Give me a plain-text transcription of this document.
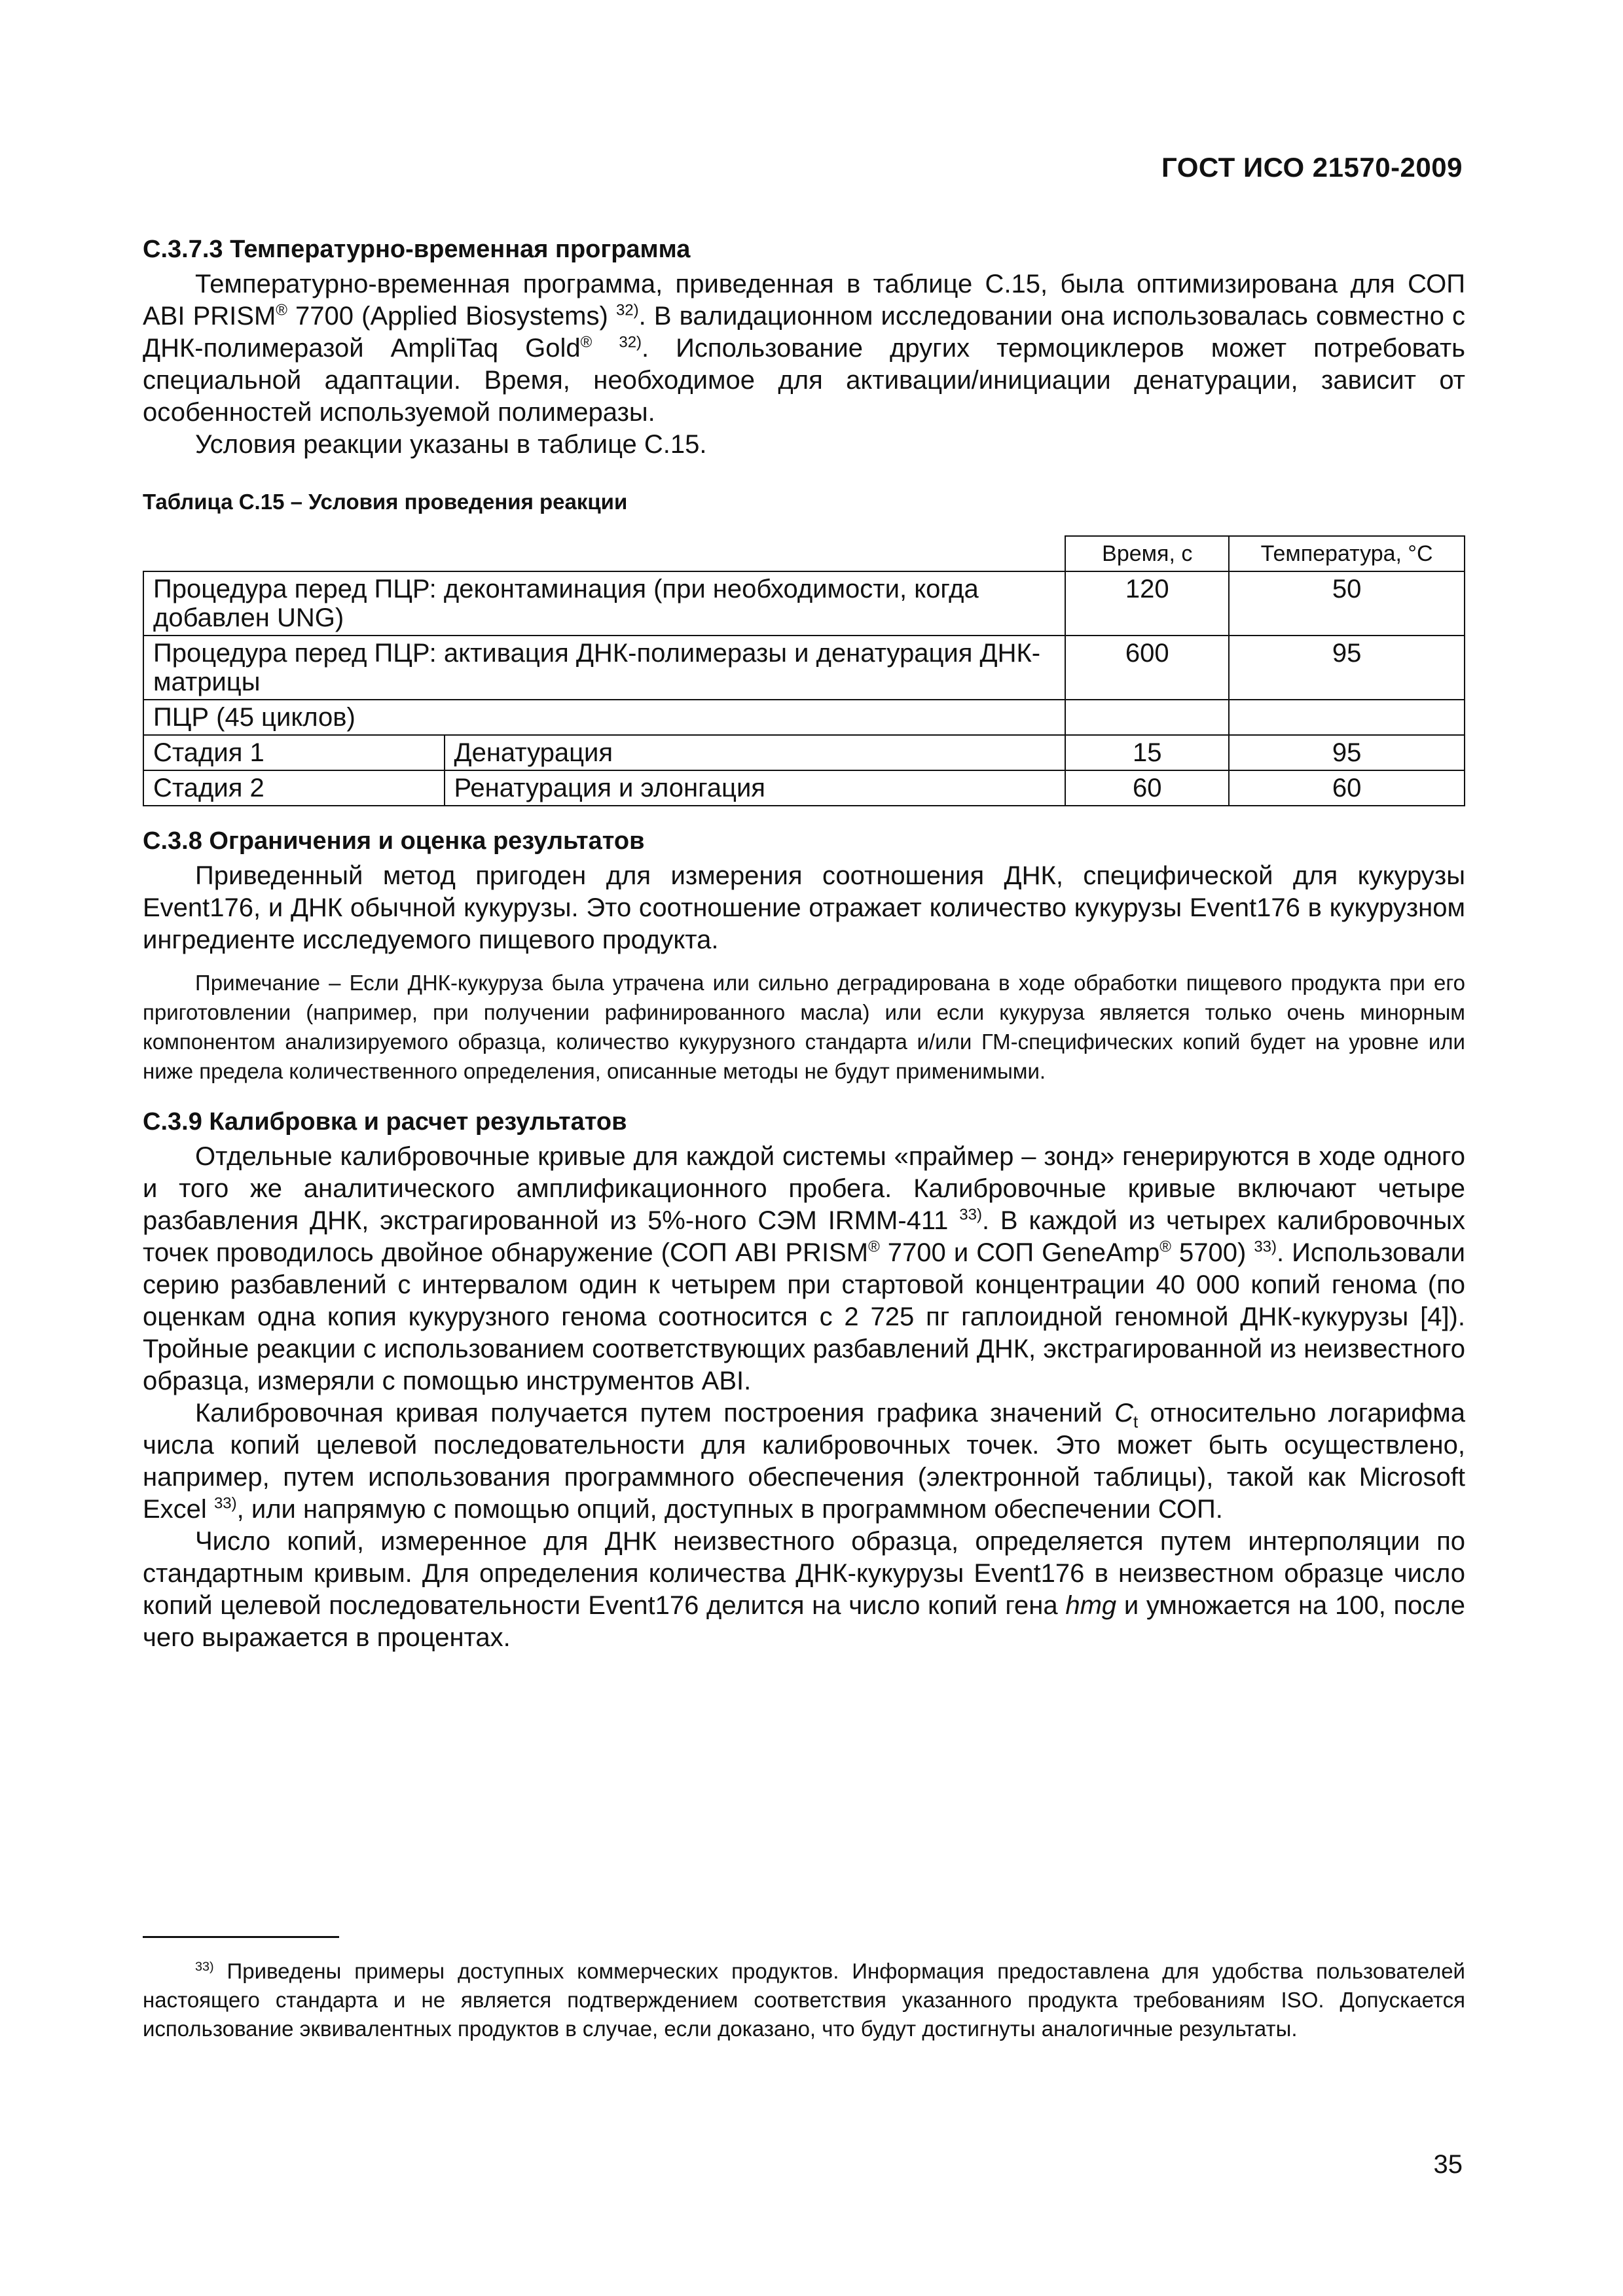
ГОСТ ИСО 21570-2009
С.3.7.3 Температурно-временная программа

Температурно-временная программа, приведенная в таблице С.15, была оптимизирована для СОП ABI PRISM® 7700 (Applied Biosystems) $^{32)}$. В валидационном исследовании она использовалась совместно с ДНК-полимеразой AmpliTaq Gold® $^{32)}$. Использование других термоциклеров может потребовать специальной адаптации. Время, необходимое для активации/инициации денатурации, зависит от особенностей используемой полимеразы.

Условия реакции указаны в таблице С.15.

Таблица С.15 – Условия проведения реакции
		Время, с	Температура, °С
Процедура перед ПЦР: деконтаминация (при необходимости, когда добавлен UNG)		120	50
Процедура перед ПЦР: активация ДНК-полимеразы и денатурация ДНК-матрицы		600	95
ПЦР (45 циклов)			
Стадия 1	Денатурация	15	95
Стадия 2	Ренатурация и элонгация	60	60
С.3.8 Ограничения и оценка результатов

Приведенный метод пригоден для измерения соотношения ДНК, специфической для кукурузы Event176, и ДНК обычной кукурузы. Это соотношение отражает количество кукурузы Event176 в кукурузном ингредиенте исследуемого пищевого продукта.

Примечание – Если ДНК-кукуруза была утрачена или сильно деградирована в ходе обработки пищевого продукта при его приготовлении (например, при получении рафинированного масла) или если кукуруза является только очень минорным компонентом анализируемого образца, количество кукурузного стандарта и/или ГМ-специфических копий будет на уровне или ниже предела количественного определения, описанные методы не будут применимыми.

С.3.9 Калибровка и расчет результатов

Отдельные калибровочные кривые для каждой системы «праймер – зонд» генерируются в ходе одного и того же аналитического амплификационного пробега. Калибровочные кривые включают четыре разбавления ДНК, экстрагированной из 5%-ного СЭМ IRMM-411 $^{33)}$. В каждой из четырех калибровочных точек проводилось двойное обнаружение (СОП ABI PRISM® 7700 и СОП GeneAmp® 5700) $^{33)}$. Использовали серию разбавлений с интервалом один к четырем при стартовой концентрации 40 000 копий генома (по оценкам одна копия кукурузного генома соотносится с 2 725 пг гаплоидной геномной ДНК-кукурузы [4]). Тройные реакции с использованием соответствующих разбавлений ДНК, экстрагированной из неизвестного образца, измеряли с помощью инструментов ABI.

Калибровочная кривая получается путем построения графика значений $C_t$ относительно логарифма числа копий целевой последовательности для калибровочных точек. Это может быть осуществлено, например, путем использования программного обеспечения (электронной таблицы), такой как Microsoft Excel $^{33)}$, или напрямую с помощью опций, доступных в программном обеспечении СОП.

Число копий, измеренное для ДНК неизвестного образца, определяется путем интерполяции по стандартным кривым. Для определения количества ДНК-кукурузы Event176 в неизвестном образце число копий целевой последовательности Event176 делится на число копий гена hmg и умножается на 100, после чего выражается в процентах.

$^{33)}$ Приведены примеры доступных коммерческих продуктов. Информация предоставлена для удобства пользователей настоящего стандарта и не является подтверждением соответствия указанного продукта требованиям ISO. Допускается использование эквивалентных продуктов в случае, если доказано, что будут достигнуты аналогичные результаты.

35
